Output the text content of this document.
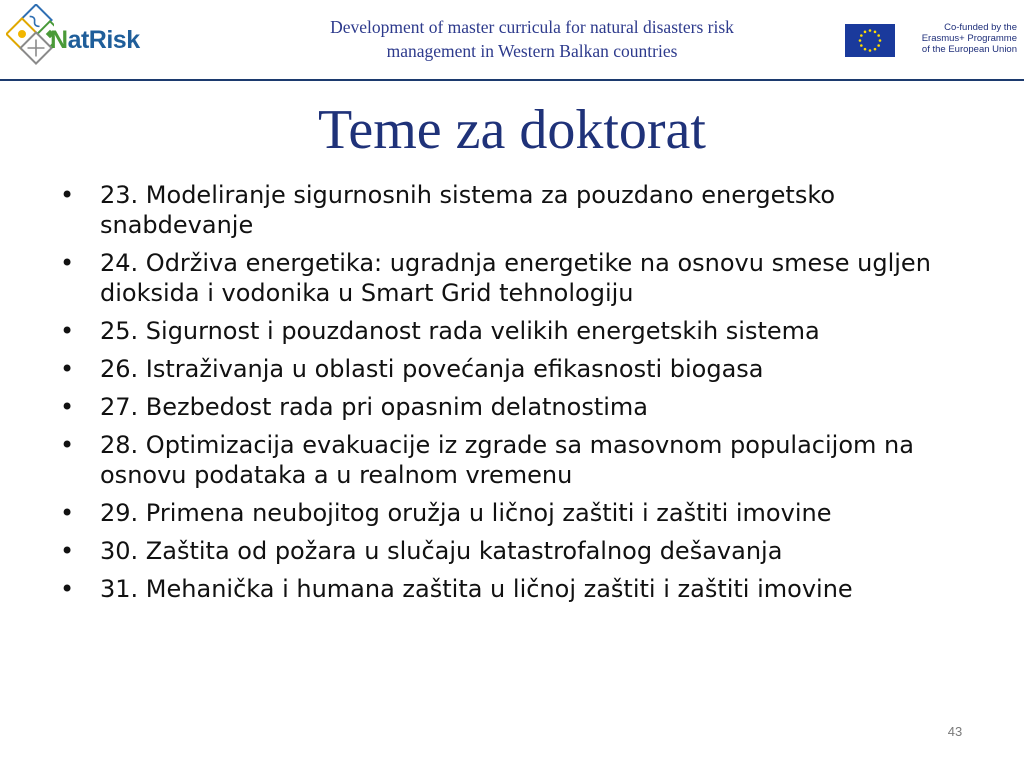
NatRisk	Development of master curricula for natural disasters risk
management in Western Balkan countries
Co-funded by the
Erasmus+ Programme
of the European Union
Teme za doktorat
• 23. Modeliranje sigurnosnih sistema za pouzdano energetsko snabdevanje
• 24. Održiva energetika: ugradnja energetike na osnovu smese ugljen dioksida i vodonika u Smart Grid tehnologiju
• 25. Sigurnost i pouzdanost rada velikih energetskih sistema
• 26. Istraživanja u oblasti povećanja efikasnosti biogasa
• 27. Bezbedost rada pri opasnim delatnostima
• 28. Optimizacija evakuacije iz zgrade sa masovnom populacijom na osnovu podataka a u realnom vremenu
• 29. Primena neubojitog oružja u ličnoj zaštiti i zaštiti imovine
• 30. Zaštita od požara u slučaju katastrofalnog dešavanja
• 31. Mehanička i humana zaštita u ličnoj zaštiti i zaštiti imovine
43
